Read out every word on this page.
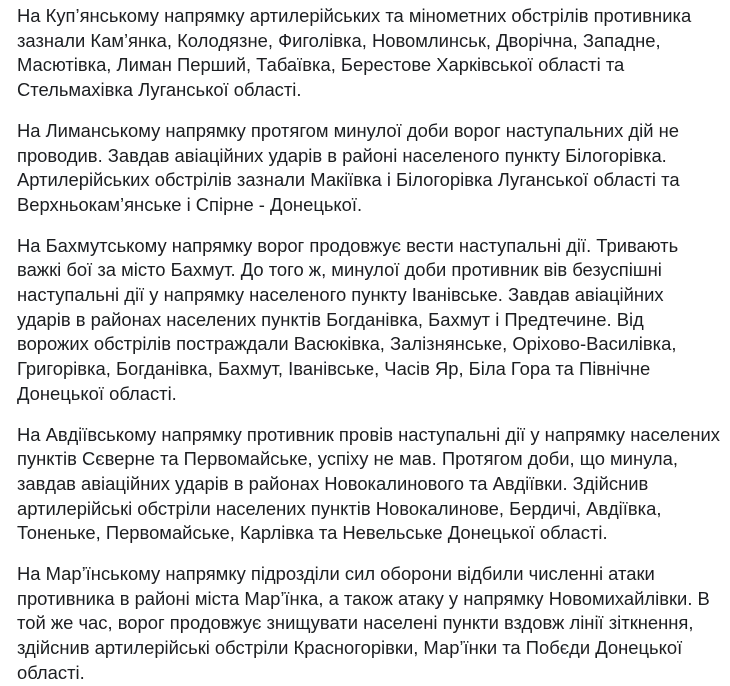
На Куп’янському напрямку артилерійських та мінометних обстрілів противника зазнали Кам’янка, Колодязне, Фиголівка, Новомлинськ, Дворічна, Западне, Масютівка, Лиман Перший, Табаївка, Берестове Харківської області та Стельмахівка Луганської області.

На Лиманському напрямку протягом минулої доби ворог наступальних дій не проводив. Завдав авіаційних ударів в районі населеного пункту Білогорівка. Артилерійських обстрілів зазнали Макіївка і Білогорівка Луганської області та Верхньокам’янське і Спірне - Донецької.

На Бахмутському напрямку ворог продовжує вести наступальні дії. Тривають важкі бої за місто Бахмут. До того ж, минулої доби противник вів безуспішні наступальні дії у напрямку населеного пункту Іванівське. Завдав авіаційних ударів в районах населених пунктів Богданівка, Бахмут і Предтечине. Від ворожих обстрілів постраждали Васюківка, Залізнянське, Оріхово-Василівка, Григорівка, Богданівка, Бахмут, Іванівське, Часів Яр, Біла Гора та Північне Донецької області.

На Авдіївському напрямку противник провів наступальні дії у напрямку населених пунктів Сєверне та Первомайське, успіху не мав. Протягом доби, що минула, завдав авіаційних ударів в районах Новокалинового та Авдіївки. Здійснив артилерійські обстріли населених пунктів Новокалинове, Бердичі, Авдіївка, Тоненьке, Первомайське, Карлівка та Невельське Донецької області.

На Мар’їнському напрямку підрозділи сил оборони відбили численні атаки противника в районі міста Мар’їнка, а також атаку у напрямку Новомихайлівки. В той же час, ворог продовжує знищувати населені пункти вздовж лінії зіткнення, здійснив артилерійські обстріли Красногорівки, Мар’їнки та Побєди Донецької області.
